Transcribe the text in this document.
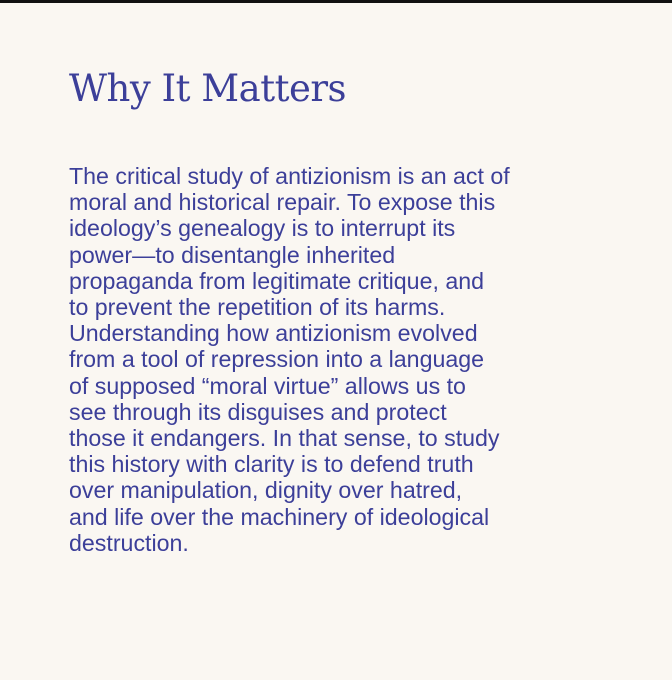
Why It Matters
The critical study of antizionism is an act of
moral and historical repair. To expose this
ideology’s genealogy is to interrupt its
power—to disentangle inherited
propaganda from legitimate critique, and
to prevent the repetition of its harms.
Understanding how antizionism evolved
from a tool of repression into a language
of supposed “moral virtue” allows us to
see through its disguises and protect
those it endangers. In that sense, to study
this history with clarity is to defend truth
over manipulation, dignity over hatred,
and life over the machinery of ideological
destruction.
